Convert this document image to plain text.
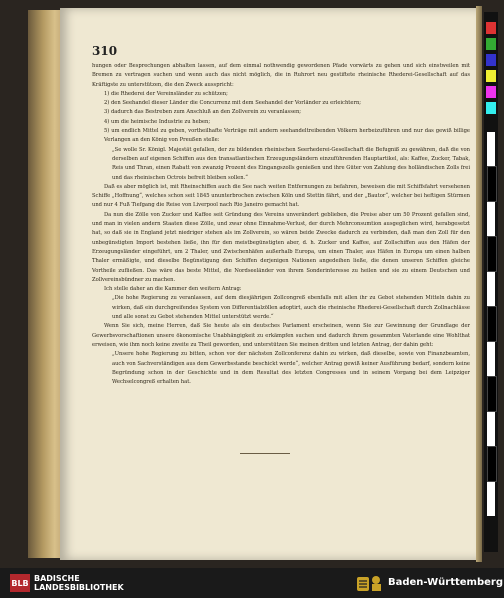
310

hungen oder Besprechungen abhalten lassen, auf dem einmal nothwendig gewordenen Pfade vorwärts zu gehen und sich einstweilen mit Bremen zu vertragen suchen und wenn auch das nicht möglich, die in Ruhrort neu gestiftete rheinische Rhederei-Gesellschaft auf das Kräftigste zu unterstützen, die den Zweck ausspricht:

1) die Rhederei der Vereinsländer zu schützen;

2) den Seehandel dieser Länder die Concurrenz mit dem Seehandel der Vorländer zu erleichtern;

3) dadurch das Bestreben zum Anschluß an den Zollverein zu veranlassen;

4) um die heimische Industrie zu heben;

5) um endlich Mittel zu geben, vortheilhafte Verträge mit andern seehandeltreibenden Völkern herbeizuführen und nur das gewiß billige Verlangen an den König von Preußen stelle:

„Se wolle Sr. Königl. Majestät gefallen, der zu bildenden rheinischen Seerhederei-Gesellschaft die Befugniß zu gewähren, daß die von derselben auf eigenen Schiffen aus den transatlantischen Erzeugungsländern einzuführenden Hauptartikel, als: Kaffee, Zucker, Tabak, Reis und Thran, einen Rabatt von zwanzig Prozent des Eingangszolls genießen und ihre Güter von Zahlung des holländischen Zolls frei und das rheinischen Octrois befreit bleiben sollen.“

Daß es aber möglich ist, mit Rheinschiffen auch die See nach weiten Entfernungen zu befahren, beweisen die mit Schiffsfahrt versehenen Schiffe „Hoffnung“, welches schon seit 1845 ununterbrochen zwischen Köln und Stettin fährt, und der „Bautor“, welcher bei heftigen Stürmen und nur 4 Fuß Tiefgang die Reise von Liverpool nach Rio Janeiro gemacht hat.

Da nun die Zölle von Zucker und Kaffee seit Gründung des Vereins unverändert geblieben, die Preise aber um 50 Prozent gefallen sind, und man in vielen andern Staaten diese Zölle, und zwar ohne Einnahme-Verlust, der durch Mehrconsumtion ausgeglichen wird, herabgesetzt hat, so daß sie in England jetzt niedriger stehen als im Zollverein, so wären beide Zwecke dadurch zu verbinden, daß man den Zoll für den unbegünstigten Import bestehen ließe, ihn für den meistbegünstigten aber, d. h. Zucker und Kaffee, auf Zollschiffen aus den Häfen der Erzeugungsländer eingeführt, um 2 Thaler, und Zwischenhäfen außerhalb Europa, um einen Thaler, aus Häfen in Europa um einen halben Thaler ermäßigte, und dieselbe Begünstigung den Schiffen derjenigen Nationen angedeihen ließe, die denen unseren Schiffen gleiche Vortheile zufließen. Das wäre das beste Mittel, die Nordseeländer von ihrem Sonderinteresse zu heilen und sie zu einem Deutschen und Zollvereinsbündner zu machen.

Ich stelle daher an die Kammer den weitern Antrag:

„Die hohe Regierung zu veranlassen, auf dem diesjährigen Zollcongreß ebenfalls mit allen ihr zu Gebot stehenden Mitteln dahin zu wirken, daß ein durchgreifendes System von Differentialzöllen adoptirt, auch die rheinische Rhederei-Gesellschaft durch Zollnachlässe und alle sonst zu Gebot stehenden Mittel unterstützt werde.“

Wenn Sie sich, meine Herren, daß Sie heute als ein deutsches Parlament erscheinen, wenn Sie zur Gewinnung der Grundlage der Gewerbsvorschaftionen unsere ökonomische Unabhängigkeit zu erkämpfen suchen und dadurch ihrem gesammten Vaterlande eine Wohlthat erweisen, wie ihm noch keine zweite zu Theil geworden, und unterstützen Sie meinen dritten und letzten Antrag, der dahin geht:

„Unsere hohe Regierung zu bitten, schon vor der nächsten Zollconferenz dahin zu wirken, daß dieselbe, sowie von Finanzbeamten, auch von Sachverständigen aus dem Gewerbsstande beschickt werde“, welcher Antrag gewiß keiner Ausführung bedarf, sondern keine Begründung schon in der Geschichte und in dem Resultat des letzten Congresses und in seinem Vorgang bei dem Leipziger Wechselcongreß erhalten hat.

BLB BADISCHE
LANDESBIBLIOTHEK	Baden-Württemberg
